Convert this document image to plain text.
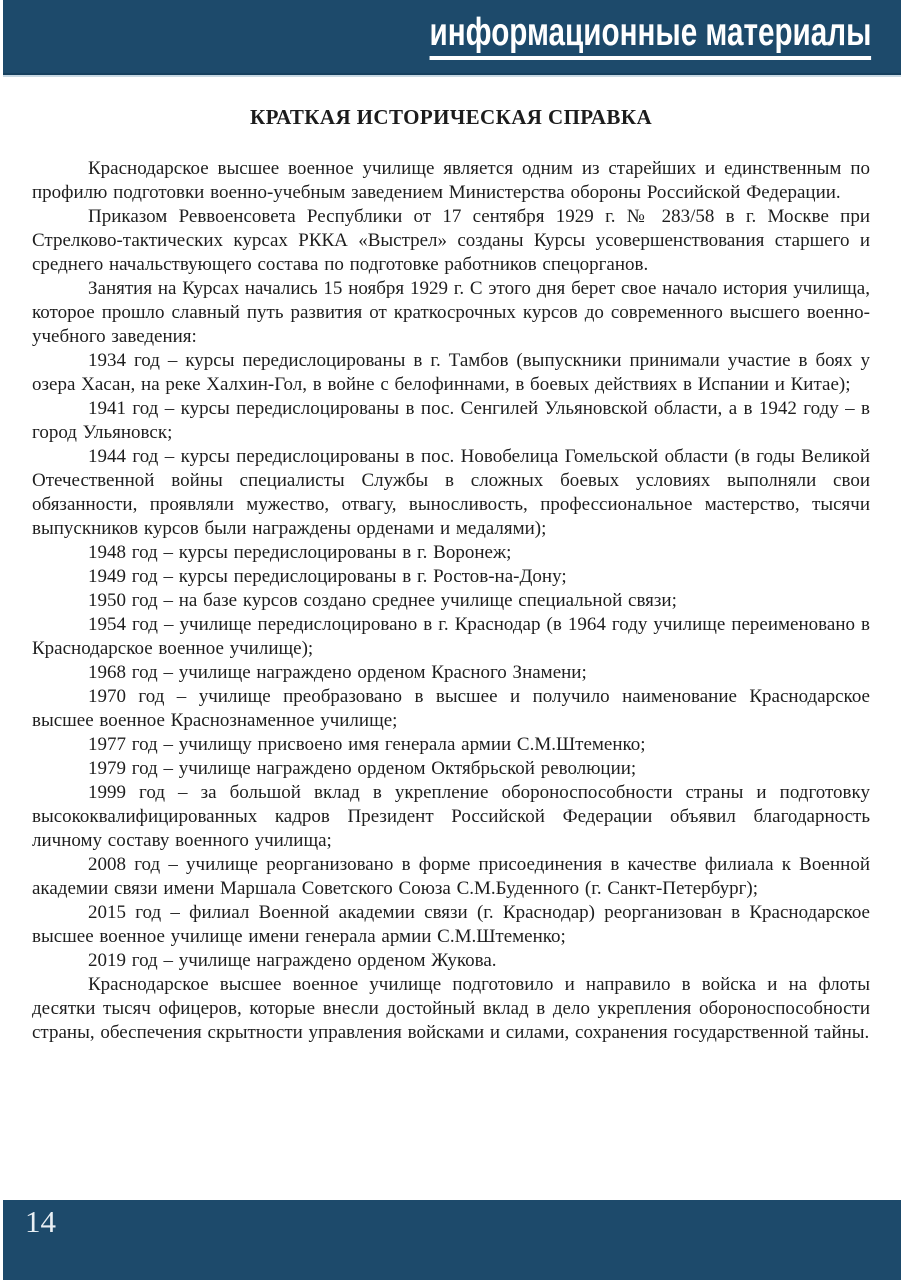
информационные материалы
КРАТКАЯ ИСТОРИЧЕСКАЯ СПРАВКА

Краснодарское высшее военное училище является одним из старейших и единственным по профилю подготовки военно-учебным заведением Министерства обороны Российской Федерации.

Приказом Реввоенсовета Республики от 17 сентября 1929 г. № 283/58 в г. Москве при Стрелково-тактических курсах РККА «Выстрел» созданы Курсы усовершенствования старшего и среднего начальствующего состава по подготовке работников спецорганов.

Занятия на Курсах начались 15 ноября 1929 г. С этого дня берет свое начало история училища, которое прошло славный путь развития от краткосрочных курсов до современного высшего военно-учебного заведения:

1934 год – курсы передислоцированы в г. Тамбов (выпускники принимали участие в боях у озера Хасан, на реке Халхин-Гол, в войне с белофиннами, в боевых действиях в Испании и Китае);

1941 год – курсы передислоцированы в пос. Сенгилей Ульяновской области, а в 1942 году – в город Ульяновск;

1944 год – курсы передислоцированы в пос. Новобелица Гомельской области (в годы Великой Отечественной войны специалисты Службы в сложных боевых условиях выполняли свои обязанности, проявляли мужество, отвагу, выносливость, профессиональное мастерство, тысячи выпускников курсов были награждены орденами и медалями);

1948 год – курсы передислоцированы в г. Воронеж;

1949 год – курсы передислоцированы в г. Ростов-на-Дону;

1950 год – на базе курсов создано среднее училище специальной связи;

1954 год – училище передислоцировано в г. Краснодар (в 1964 году училище переименовано в Краснодарское военное училище);

1968 год – училище награждено орденом Красного Знамени;

1970 год – училище преобразовано в высшее и получило наименование Краснодарское высшее военное Краснознаменное училище;

1977 год – училищу присвоено имя генерала армии С.М.Штеменко;

1979 год – училище награждено орденом Октябрьской революции;

1999 год – за большой вклад в укрепление обороноспособности страны и подготовку высококвалифицированных кадров Президент Российской Федерации объявил благодарность личному составу военного училища;

2008 год – училище реорганизовано в форме присоединения в качестве филиала к Военной академии связи имени Маршала Советского Союза С.М.Буденного (г. Санкт-Петербург);

2015 год – филиал Военной академии связи (г. Краснодар) реорганизован в Краснодарское высшее военное училище имени генерала армии С.М.Штеменко;

2019 год – училище награждено орденом Жукова.

Краснодарское высшее военное училище подготовило и направило в войска и на флоты десятки тысяч офицеров, которые внесли достойный вклад в дело укрепления обороноспособности страны, обеспечения скрытности управления войсками и силами, сохранения государственной тайны.

14
